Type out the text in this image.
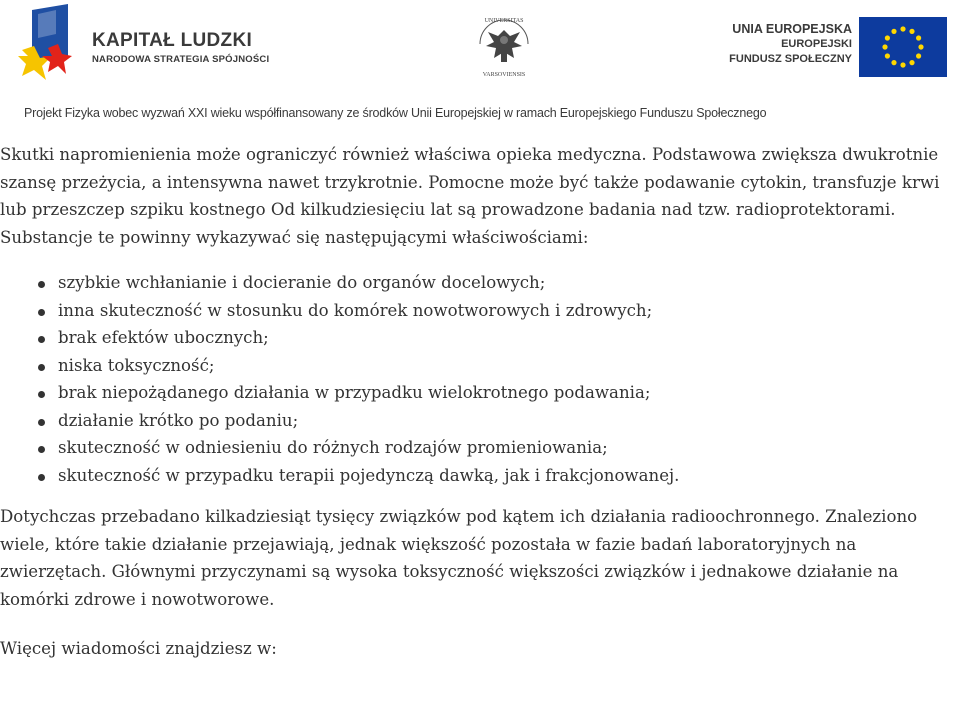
KAPITAŁ LUDZKI
NARODOWA STRATEGIA SPÓJNOŚCI
UNIVERSITAS
VARSOVIENSIS
UNIA EUROPEJSKA
EUROPEJSKI
FUNDUSZ SPOŁECZNY
Projekt Fizyka wobec wyzwań XXI wieku współfinansowany ze środków Unii Europejskiej w ramach Europejskiego Funduszu Społecznego

Skutki napromienienia może ograniczyć również właściwa opieka medyczna. Podstawowa zwiększa dwukrotnie szansę przeżycia, a intensywna nawet trzykrotnie. Pomocne może być także podawanie cytokin, transfuzje krwi lub przeszczep szpiku kostnego Od kilkudziesięciu lat są prowadzone badania nad tzw. radioprotektorami. Substancje te powinny wykazywać się następującymi właściwościami:

szybkie wchłanianie i docieranie do organów docelowych;
inna skuteczność w stosunku do komórek nowotworowych i zdrowych;
brak efektów ubocznych;
niska toksyczność;
brak niepożądanego działania w przypadku wielokrotnego podawania;
działanie krótko po podaniu;
skuteczność w odniesieniu do różnych rodzajów promieniowania;
skuteczność w przypadku terapii pojedynczą dawką, jak i frakcjonowanej.

Dotychczas przebadano kilkadziesiąt tysięcy związków pod kątem ich działania radioochronnego. Znaleziono wiele, które takie działanie przejawiają, jednak większość pozostała w fazie badań laboratoryjnych na zwierzętach. Głównymi przyczynami są wysoka toksyczność większości związków i jednakowe działanie na komórki zdrowe i nowotworowe.

Więcej wiadomości znajdziesz w:
